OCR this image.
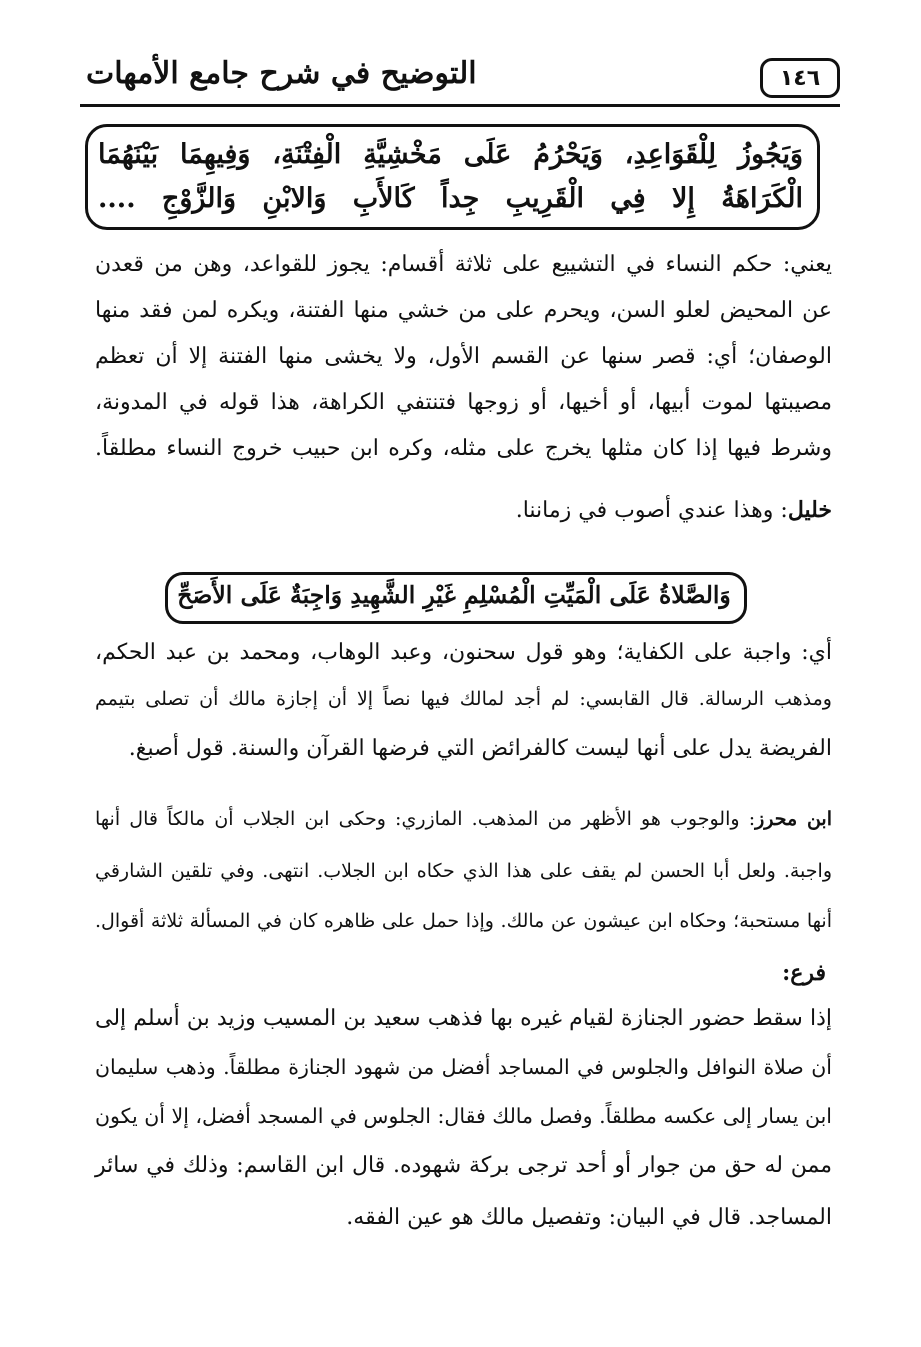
التوضيح في شرح جامع الأمهات	١٤٦
وَيَجُوزُ لِلْقَوَاعِدِ، وَيَحْرُمُ عَلَى مَخْشِيَّةِ الْفِتْنَةِ، وَفِيهِمَا بَيْنَهُمَا
الْكَرَاهَةُ إِلا فِي الْقَرِيبِ جِداً كَالأَبِ وَالابْنِ وَالزَّوْجِ ....
يعني: حكم النساء في التشييع على ثلاثة أقسام: يجوز للقواعد، وهن من قعدن
عن المحيض لعلو السن، ويحرم على من خشي منها الفتنة، ويكره لمن فقد منها
الوصفان؛ أي: قصر سنها عن القسم الأول، ولا يخشى منها الفتنة إلا أن تعظم
مصيبتها لموت أبيها، أو أخيها، أو زوجها فتنتفي الكراهة، هذا قوله في المدونة،
وشرط فيها إذا كان مثلها يخرج على مثله، وكره ابن حبيب خروج النساء مطلقاً.
خليل: وهذا عندي أصوب في زماننا.
وَالصَّلاةُ عَلَى الْمَيِّتِ الْمُسْلِمِ غَيْرِ الشَّهِيدِ وَاجِبَةٌ عَلَى الأَصَحِّ
أي: واجبة على الكفاية؛ وهو قول سحنون، وعبد الوهاب، ومحمد بن عبد الحكم،
ومذهب الرسالة. قال القابسي: لم أجد لمالك فيها نصاً إلا أن إجازة مالك أن تصلى بتيمم
الفريضة يدل على أنها ليست كالفرائض التي فرضها القرآن والسنة. قول أصبغ.
ابن محرز: والوجوب هو الأظهر من المذهب. المازري: وحكى ابن الجلاب أن مالكاً قال أنها
واجبة. ولعل أبا الحسن لم يقف على هذا الذي حكاه ابن الجلاب. انتهى. وفي تلقين الشارقي
أنها مستحبة؛ وحكاه ابن عيشون عن مالك. وإذا حمل على ظاهره كان في المسألة ثلاثة أقوال.
فرع:
إذا سقط حضور الجنازة لقيام غيره بها فذهب سعيد بن المسيب وزيد بن أسلم إلى
أن صلاة النوافل والجلوس في المساجد أفضل من شهود الجنازة مطلقاً. وذهب سليمان
ابن يسار إلى عكسه مطلقاً. وفصل مالك فقال: الجلوس في المسجد أفضل، إلا أن يكون
ممن له حق من جوار أو أحد ترجى بركة شهوده. قال ابن القاسم: وذلك في سائر
المساجد. قال في البيان: وتفصيل مالك هو عين الفقه.
